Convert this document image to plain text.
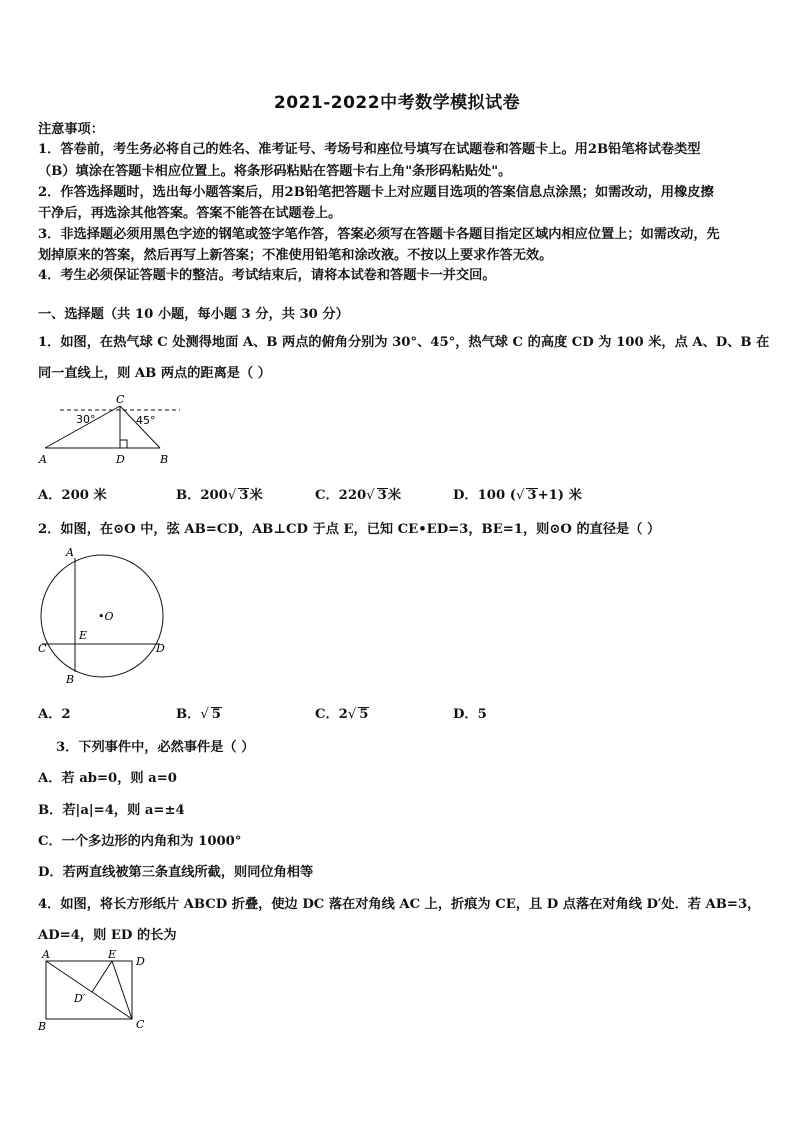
2021-2022中考数学模拟试卷
注意事项：
1．答卷前，考生务必将自己的姓名、准考证号、考场号和座位号填写在试题卷和答题卡上。用2B铅笔将试卷类型
（B）填涂在答题卡相应位置上。将条形码粘贴在答题卡右上角"条形码粘贴处"。
2．作答选择题时，选出每小题答案后，用2B铅笔把答题卡上对应题目选项的答案信息点涂黑；如需改动，用橡皮擦
干净后，再选涂其他答案。答案不能答在试题卷上。
3．非选择题必须用黑色字迹的钢笔或签字笔作答，答案必须写在答题卡各题目指定区域内相应位置上；如需改动，先
划掉原来的答案，然后再写上新答案；不准使用铅笔和涂改液。不按以上要求作答无效。
4．考生必须保证答题卡的整洁。考试结束后，请将本试卷和答题卡一并交回。
一、选择题（共 10 小题，每小题 3 分，共 30 分）
1．如图，在热气球 C 处测得地面 A、B 两点的俯角分别为 30°、45°，热气球 C 的高度 CD 为 100 米，点 A、D、B 在
同一直线上，则 AB 两点的距离是（ ）
C
30°	45°
A	D	B
A．200 米	B．200√ 3米	C．220√ 3米	D．100 (√ 3+1) 米
2．如图，在⊙O 中，弦 AB=CD，AB⊥CD 于点 E，已知 CE•ED=3，BE=1，则⊙O 的直径是（ ）
A
•O
E
C	D
B
A．2	B．√ 5	C．2√ 5	D．5
3．下列事件中，必然事件是（ ）
A．若 ab=0，则 a=0
B．若|a|=4，则 a=±4
C．一个多边形的内角和为 1000°
D．若两直线被第三条直线所截，则同位角相等
4．如图，将长方形纸片 ABCD 折叠，使边 DC 落在对角线 AC 上，折痕为 CE，且 D 点落在对角线 D′处．若 AB=3，
AD=4，则 ED 的长为
A	E
D
D′
B	C
